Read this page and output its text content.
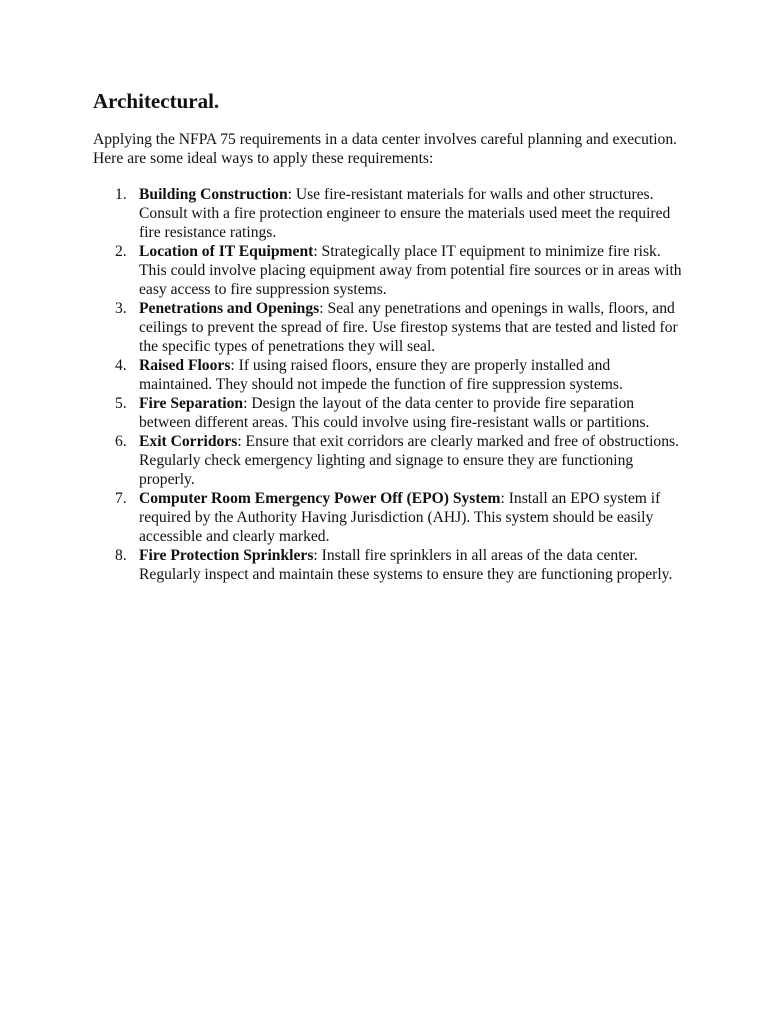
Architectural.

Applying the NFPA 75 requirements in a data center involves careful planning and execution. Here are some ideal ways to apply these requirements:

1. Building Construction: Use fire-resistant materials for walls and other structures. Consult with a fire protection engineer to ensure the materials used meet the required fire resistance ratings.
2. Location of IT Equipment: Strategically place IT equipment to minimize fire risk. This could involve placing equipment away from potential fire sources or in areas with easy access to fire suppression systems.
3. Penetrations and Openings: Seal any penetrations and openings in walls, floors, and ceilings to prevent the spread of fire. Use firestop systems that are tested and listed for the specific types of penetrations they will seal.
4. Raised Floors: If using raised floors, ensure they are properly installed and maintained. They should not impede the function of fire suppression systems.
5. Fire Separation: Design the layout of the data center to provide fire separation between different areas. This could involve using fire-resistant walls or partitions.
6. Exit Corridors: Ensure that exit corridors are clearly marked and free of obstructions. Regularly check emergency lighting and signage to ensure they are functioning properly.
7. Computer Room Emergency Power Off (EPO) System: Install an EPO system if required by the Authority Having Jurisdiction (AHJ). This system should be easily accessible and clearly marked.
8. Fire Protection Sprinklers: Install fire sprinklers in all areas of the data center. Regularly inspect and maintain these systems to ensure they are functioning properly.
